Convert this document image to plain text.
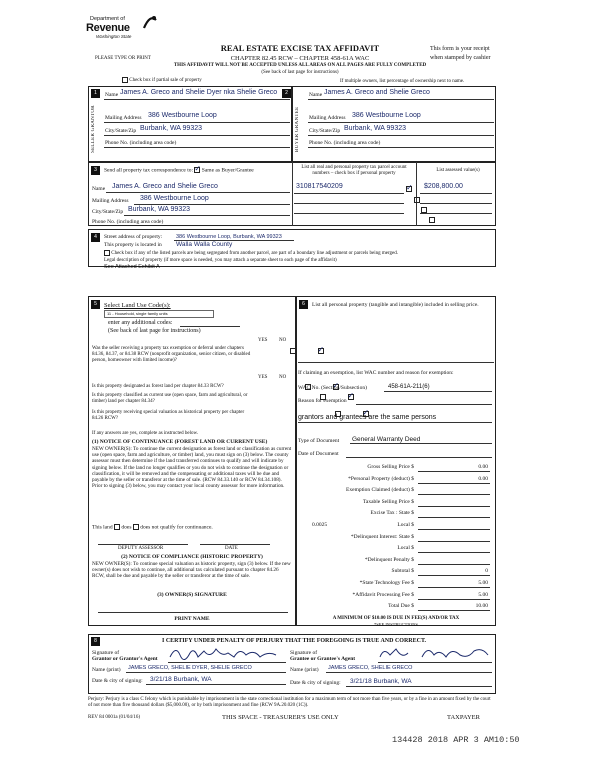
Department of
Revenue
Washington State
PLEASE TYPE OR PRINT
REAL ESTATE EXCISE TAX AFFIDAVIT
CHAPTER 82.45 RCW – CHAPTER 458-61A WAC
THIS AFFIDAVIT WILL NOT BE ACCEPTED UNLESS ALL AREAS ON ALL PAGES ARE FULLY COMPLETED
(See back of last page for instructions)
This form is your receipt
when stamped by cashier
Check box if partial sale of property	If multiple owners, list percentage of ownership next to name.
1	2
SELLER GRANTOR	BUYER GRANTEE
Name James A. Greco and Shelie Dyer nka Shelie Greco
Mailing Address 386 Westbourne Loop
City/State/Zip Burbank, WA 99323
Phone No. (including area code)
Name James A. Greco and Shelie Greco
Mailing Address 386 Westbourne Loop
City/State/Zip Burbank, WA 99323
Phone No. (including area code)
3	Send all property tax correspondence to: ✓ Same as Buyer/Grantee
Name James A. Greco and Shelie Greco
Mailing Address 386 Westbourne Loop
City/State/Zip Burbank, WA 99323
Phone No. (including area code)
List all real and personal property tax parcel account
numbers – check box if personal property
List assessed value(s)
310817540209	$208,800.00
✓
4	Street address of property:	386 Westbourne Loop, Burbank, WA 99323
This property is located in Walla Walla County
Check box if any of the listed parcels are being segregated from another parcel, are part of a boundary line adjustment or parcels being merged.
Legal description of property (if more space is needed, you may attach a separate sheet to each page of the affidavit)
See Attached Exhibit A
5	Select Land Use Code(s):
11 - Household, single family units
enter any additional codes:
(See back of last page for instructions)
YES NO
Was the seller receiving a property tax exemption or deferral under chapters 84.36, 84.37, or 84.38 RCW (nonprofit organization, senior citizen, or disabled person, homeowner with limited income)?
✓
YES NO
Is this property designated as forest land per chapter 84.33 RCW?
✓
Is this property classified as current use (open space, farm and agricultural, or timber) land per chapter 84.34?
✓
Is this property receiving special valuation as historical property per chapter 84.26 RCW?
✓
If any answers are yes, complete as instructed below.
(1) NOTICE OF CONTINUANCE (FOREST LAND OR CURRENT USE)
NEW OWNER(S): To continue the current designation as forest land or classification as current use (open space, farm and agriculture, or timber) land, you must sign on (3) below. The county assessor must then determine if the land transferred continues to qualify and will indicate by signing below. If the land no longer qualifies or you do not wish to continue the designation or classification, it will be removed and the compensating or additional taxes will be due and payable by the seller or transferor at the time of sale. (RCW 84.33.140 or RCW 84.34.108). Prior to signing (3) below, you may contact your local county assessor for more information.
This land does does not qualify for continuance.
DEPUTY ASSESSOR	DATE
(2) NOTICE OF COMPLIANCE (HISTORIC PROPERTY)
NEW OWNER(S): To continue special valuation as historic property, sign (3) below. If the new owner(s) does not wish to continue, all additional tax calculated pursuant to chapter 84.26 RCW, shall be due and payable by the seller or transferor at the time of sale.
(3) OWNER(S) SIGNATURE
PRINT NAME
6	List all personal property (tangible and intangible) included in selling price.
If claiming an exemption, list WAC number and reason for exemption:
WAC No. (Section/Subsection)	458-61A-211(6)
Reason for exemption
grantors and grantees are the same persons
Type of Document General Warranty Deed
Date of Document
Gross Selling Price $	0.00
*Personal Property (deduct) $	0.00
Exemption Claimed (deduct) $
Taxable Selling Price $
Excise Tax : State $
Local $
0.0025
*Delinquent Interest: State $
Local $
*Delinquent Penalty $
Subtotal $	0
*State Technology Fee $	5.00
*Affidavit Processing Fee $	5.00
Total Due $	10.00
A MINIMUM OF $10.00 IS DUE IN FEE(S) AND/OR TAX
*SEE INSTRUCTIONS
8	I CERTIFY UNDER PENALTY OF PERJURY THAT THE FOREGOING IS TRUE AND CORRECT.
Signature of
Grantor or Grantor's Agent
Signature of
Grantee or Grantee's Agent
Name (print) JAMES GRECO, SHELIE DYER, SHELIE GRECO	Name (print) JAMES GRECO, SHELIE GRECO
Date & city of signing: 3/21/18 Burbank, WA	Date & city of signing: 3/21/18 Burbank, WA
Perjury: Perjury is a class C felony which is punishable by imprisonment in the state correctional institution for a maximum term of not more than five years, or by a fine in an amount fixed by the court of not more than five thousand dollars ($5,000.00), or by both imprisonment and fine (RCW 9A.20.020 (1C)).
REV 84 0001a (01/04/16)	THIS SPACE - TREASURER'S USE ONLY	TAXPAYER
134428 2018 APR 3 AM10:50
